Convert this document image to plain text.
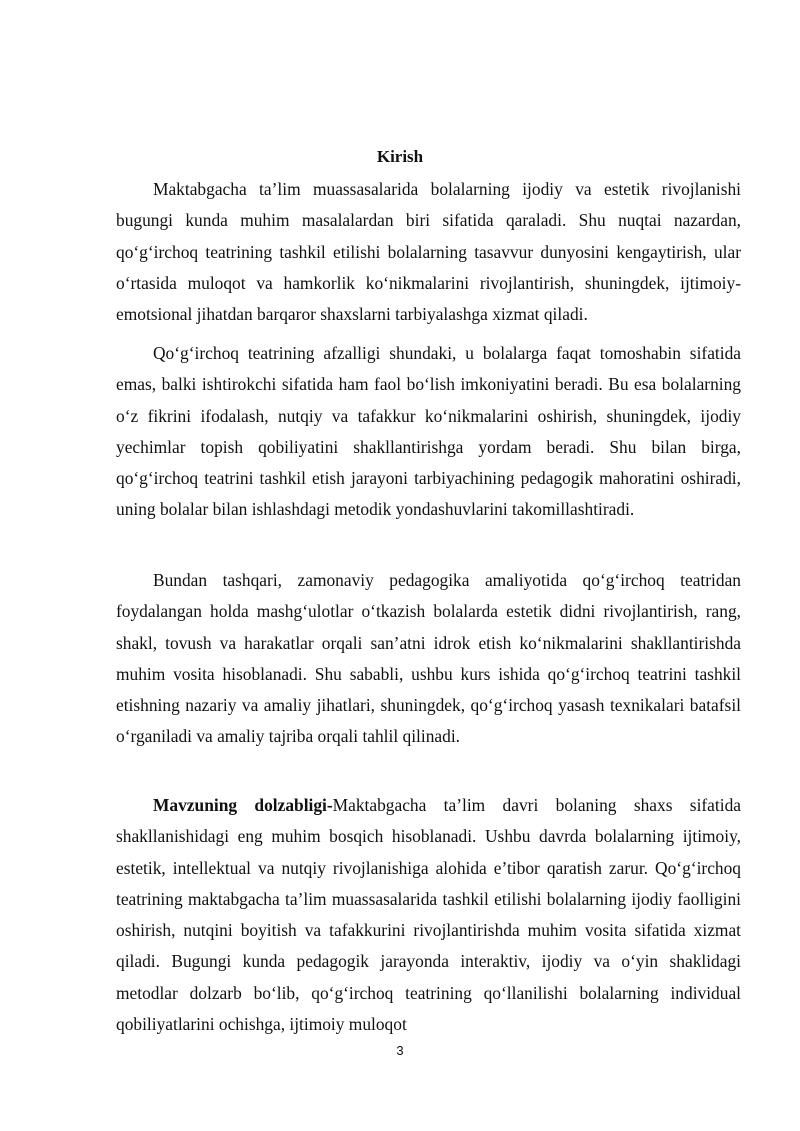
Kirish

Maktabgacha ta’lim muassasalarida bolalarning ijodiy va estetik rivojlanishi bugungi kunda muhim masalalardan biri sifatida qaraladi. Shu nuqtai nazardan, qo‘g‘irchoq teatrining tashkil etilishi bolalarning tasavvur dunyosini kengaytirish, ular o‘rtasida muloqot va hamkorlik ko‘nikmalarini rivojlantirish, shuningdek, ijtimoiy-emotsional jihatdan barqaror shaxslarni tarbiyalashga xizmat qiladi.

Qo‘g‘irchoq teatrining afzalligi shundaki, u bolalarga faqat tomoshabin sifatida emas, balki ishtirokchi sifatida ham faol bo‘lish imkoniyatini beradi. Bu esa bolalarning o‘z fikrini ifodalash, nutqiy va tafakkur ko‘nikmalarini oshirish, shuningdek, ijodiy yechimlar topish qobiliyatini shakllantirishga yordam beradi. Shu bilan birga, qo‘g‘irchoq teatrini tashkil etish jarayoni tarbiyachining pedagogik mahoratini oshiradi, uning bolalar bilan ishlashdagi metodik yondashuvlarini takomillashtiradi.

Bundan tashqari, zamonaviy pedagogika amaliyotida qo‘g‘irchoq teatridan foydalangan holda mashg‘ulotlar o‘tkazish bolalarda estetik didni rivojlantirish, rang, shakl, tovush va harakatlar orqali san’atni idrok etish ko‘nikmalarini shakllantirishda muhim vosita hisoblanadi. Shu sababli, ushbu kurs ishida qo‘g‘irchoq teatrini tashkil etishning nazariy va amaliy jihatlari, shuningdek, qo‘g‘irchoq yasash texnikalari batafsil o‘rganiladi va amaliy tajriba orqali tahlil qilinadi.

Mavzuning dolzabligi-Maktabgacha ta’lim davri bolaning shaxs sifatida shakllanishidagi eng muhim bosqich hisoblanadi. Ushbu davrda bolalarning ijtimoiy, estetik, intellektual va nutqiy rivojlanishiga alohida e’tibor qaratish zarur. Qo‘g‘irchoq teatrining maktabgacha ta’lim muassasalarida tashkil etilishi bolalarning ijodiy faolligini oshirish, nutqini boyitish va tafakkurini rivojlantirishda muhim vosita sifatida xizmat qiladi. Bugungi kunda pedagogik jarayonda interaktiv, ijodiy va o‘yin shaklidagi metodlar dolzarb bo‘lib, qo‘g‘irchoq teatrining qo‘llanilishi bolalarning individual qobiliyatlarini ochishga, ijtimoiy muloqot

3
